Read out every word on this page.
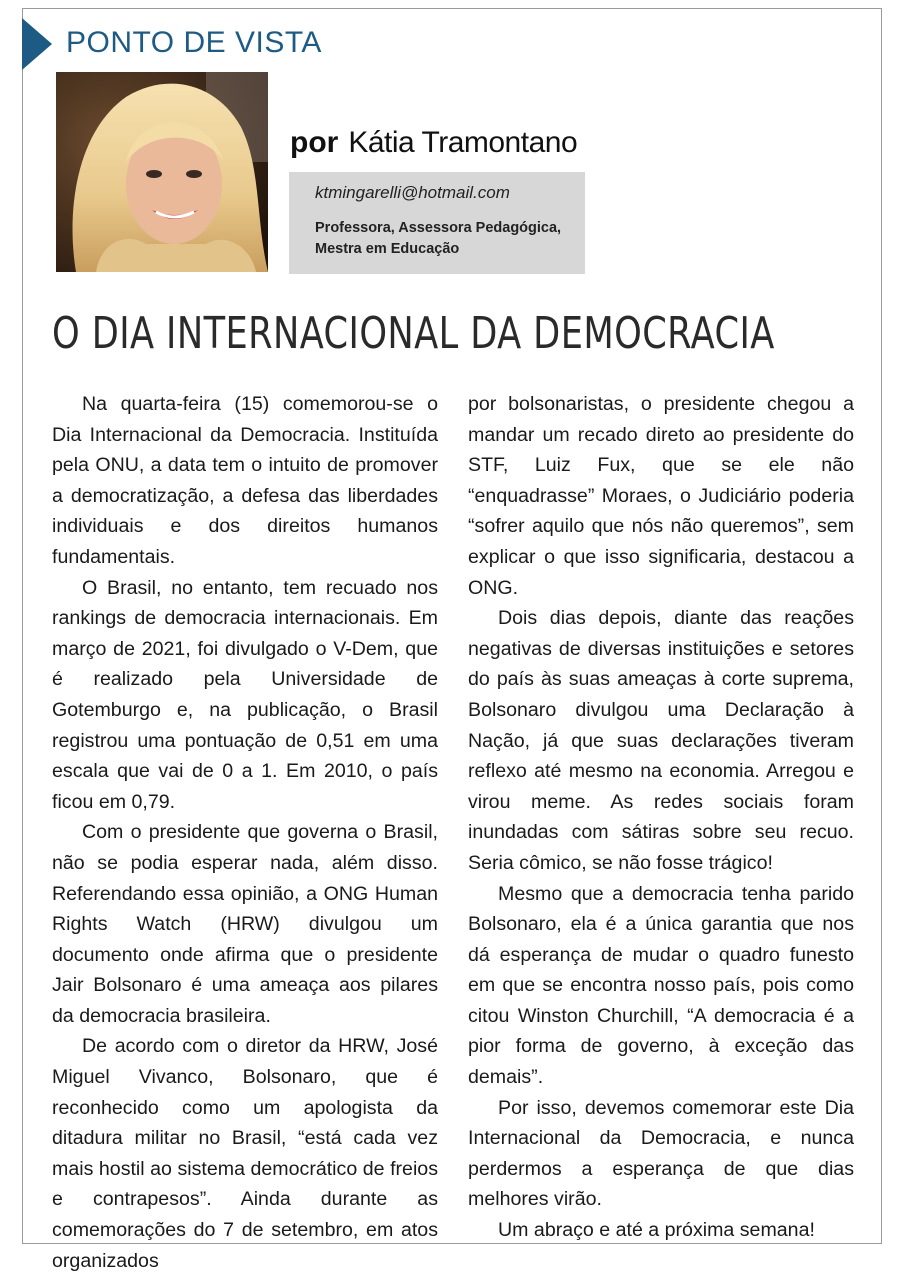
PONTO DE VISTA
por Kátia Tramontano
ktmingarelli@hotmail.com
Professora, Assessora Pedagógica, Mestra em Educação
O DIA INTERNACIONAL DA DEMOCRACIA

Na quarta-feira (15) comemorou-se o Dia Internacional da Democracia. Instituída pela ONU, a data tem o intuito de promover a democratização, a defesa das liberdades individuais e dos direitos humanos fundamentais.

O Brasil, no entanto, tem recuado nos rankings de democracia internacionais. Em março de 2021, foi divulgado o V-Dem, que é realizado pela Universidade de Gotemburgo e, na publicação, o Brasil registrou uma pontuação de 0,51 em uma escala que vai de 0 a 1. Em 2010, o país ficou em 0,79.

Com o presidente que governa o Brasil, não se podia esperar nada, além disso. Referendando essa opinião, a ONG Human Rights Watch (HRW) divulgou um documento onde afirma que o presidente Jair Bolsonaro é uma ameaça aos pilares da democracia brasileira.

De acordo com o diretor da HRW, José Miguel Vivanco, Bolsonaro, que é reconhecido como um apologista da ditadura militar no Brasil, “está cada vez mais hostil ao sistema democrático de freios e contrapesos”. Ainda durante as comemorações do 7 de setembro, em atos organizados

por bolsonaristas, o presidente chegou a mandar um recado direto ao presidente do STF, Luiz Fux, que se ele não “enquadrasse” Moraes, o Judiciário poderia “sofrer aquilo que nós não queremos”, sem explicar o que isso significaria, destacou a ONG.

Dois dias depois, diante das reações negativas de diversas instituições e setores do país às suas ameaças à corte suprema, Bolsonaro divulgou uma Declaração à Nação, já que suas declarações tiveram reflexo até mesmo na economia. Arregou e virou meme. As redes sociais foram inundadas com sátiras sobre seu recuo. Seria cômico, se não fosse trágico!

Mesmo que a democracia tenha parido Bolsonaro, ela é a única garantia que nos dá esperança de mudar o quadro funesto em que se encontra nosso país, pois como citou Winston Churchill, “A democracia é a pior forma de governo, à exceção das demais”.

Por isso, devemos comemorar este Dia Internacional da Democracia, e nunca perdermos a esperança de que dias melhores virão.

Um abraço e até a próxima semana!
